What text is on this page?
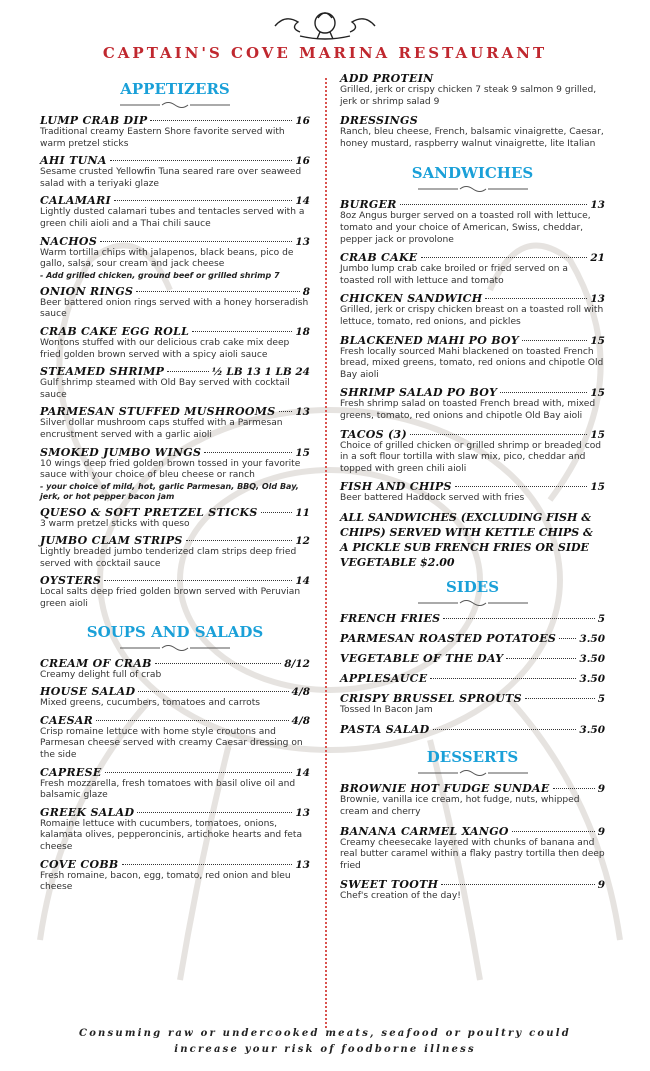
CAPTAIN'S COVE MARINA RESTAURANT
APPETIZERS
LUMP CRAB DIP	16
Traditional creamy Eastern Shore favorite served with warm pretzel sticks
AHI TUNA	16
Sesame crusted Yellowfin Tuna seared rare over seaweed salad with a teriyaki glaze
CALAMARI	14
Lightly dusted calamari tubes and tentacles served with a green chili aioli and a Thai chili sauce
NACHOS	13
Warm tortilla chips with jalapenos, black beans, pico de gallo, salsa, sour cream and jack cheese
- Add grilled chicken, ground beef or grilled shrimp 7
ONION RINGS	8
Beer battered onion rings served with a honey horseradish sauce
CRAB CAKE EGG ROLL	18
Wontons stuffed with our delicious crab cake mix deep fried golden brown served with a spicy aioli sauce
STEAMED SHRIMP	½ LB 13 1 LB 24
Gulf shrimp steamed with Old Bay served with cocktail sauce
PARMESAN STUFFED MUSHROOMS 13
Silver dollar mushroom caps stuffed with a Parmesan encrustment served with a garlic aioli
SMOKED JUMBO WINGS	15
10 wings deep fried golden brown tossed in your favorite sauce with your choice of bleu cheese or ranch
- your choice of mild, hot, garlic Parmesan, BBQ, Old Bay, jerk, or hot pepper bacon jam
QUESO & SOFT PRETZEL STICKS	11
3 warm pretzel sticks with queso
JUMBO CLAM STRIPS	12
Lightly breaded jumbo tenderized clam strips deep fried served with cocktail sauce
OYSTERS	14
Local salts deep fried golden brown served with Peruvian green aioli
SOUPS AND SALADS
CREAM OF CRAB	8/12
Creamy delight full of crab
HOUSE SALAD	4/8
Mixed greens, cucumbers, tomatoes and carrots
CAESAR	4/8
Crisp romaine lettuce with home style croutons and Parmesan cheese served with creamy Caesar dressing on the side
CAPRESE	14
Fresh mozzarella, fresh tomatoes with basil olive oil and balsamic glaze
GREEK SALAD	13
Romaine lettuce with cucumbers, tomatoes, onions, kalamata olives, pepperoncinis, artichoke hearts and feta cheese
COVE COBB	13
Fresh romaine, bacon, egg, tomato, red onion and bleu cheese
ADD PROTEIN
Grilled, jerk or crispy chicken 7 steak 9 salmon 9 grilled, jerk or shrimp salad 9
DRESSINGS
Ranch, bleu cheese, French, balsamic vinaigrette, Caesar, honey mustard, raspberry walnut vinaigrette, lite Italian
SANDWICHES
BURGER	13
8oz Angus burger served on a toasted roll with lettuce, tomato and your choice of American, Swiss, cheddar, pepper jack or provolone
CRAB CAKE	21
Jumbo lump crab cake broiled or fried served on a toasted roll with lettuce and tomato
CHICKEN SANDWICH	13
Grilled, jerk or crispy chicken breast on a toasted roll with lettuce, tomato, red onions, and pickles
BLACKENED MAHI PO BOY	15
Fresh locally sourced Mahi blackened on toasted French bread, mixed greens, tomato, red onions and chipotle Old Bay aioli
SHRIMP SALAD PO BOY	15
Fresh shrimp salad on toasted French bread with, mixed greens, tomato, red onions and chipotle Old Bay aioli
TACOS (3)	15
Choice of grilled chicken or grilled shrimp or breaded cod in a soft flour tortilla with slaw mix, pico, cheddar and topped with green chili aioli
FISH AND CHIPS	15
Beer battered Haddock served with fries
ALL SANDWICHES (EXCLUDING FISH & CHIPS) SERVED WITH KETTLE CHIPS & A PICKLE SUB FRENCH FRIES OR SIDE VEGETABLE $2.00
SIDES
FRENCH FRIES	5
PARMESAN ROASTED POTATOES 3.50
VEGETABLE OF THE DAY	3.50
APPLESAUCE	3.50
CRISPY BRUSSEL SPROUTS	5
Tossed In Bacon Jam
PASTA SALAD	3.50
DESSERTS
BROWNIE HOT FUDGE SUNDAE	9
Brownie, vanilla ice cream, hot fudge, nuts, whipped cream and cherry
BANANA CARMEL XANGO	9
Creamy cheesecake layered with chunks of banana and real butter caramel within a flaky pastry tortilla then deep fried
SWEET TOOTH	9
Chef's creation of the day!
Consuming raw or undercooked meats, seafood or poultry could
increase your risk of foodborne illness
